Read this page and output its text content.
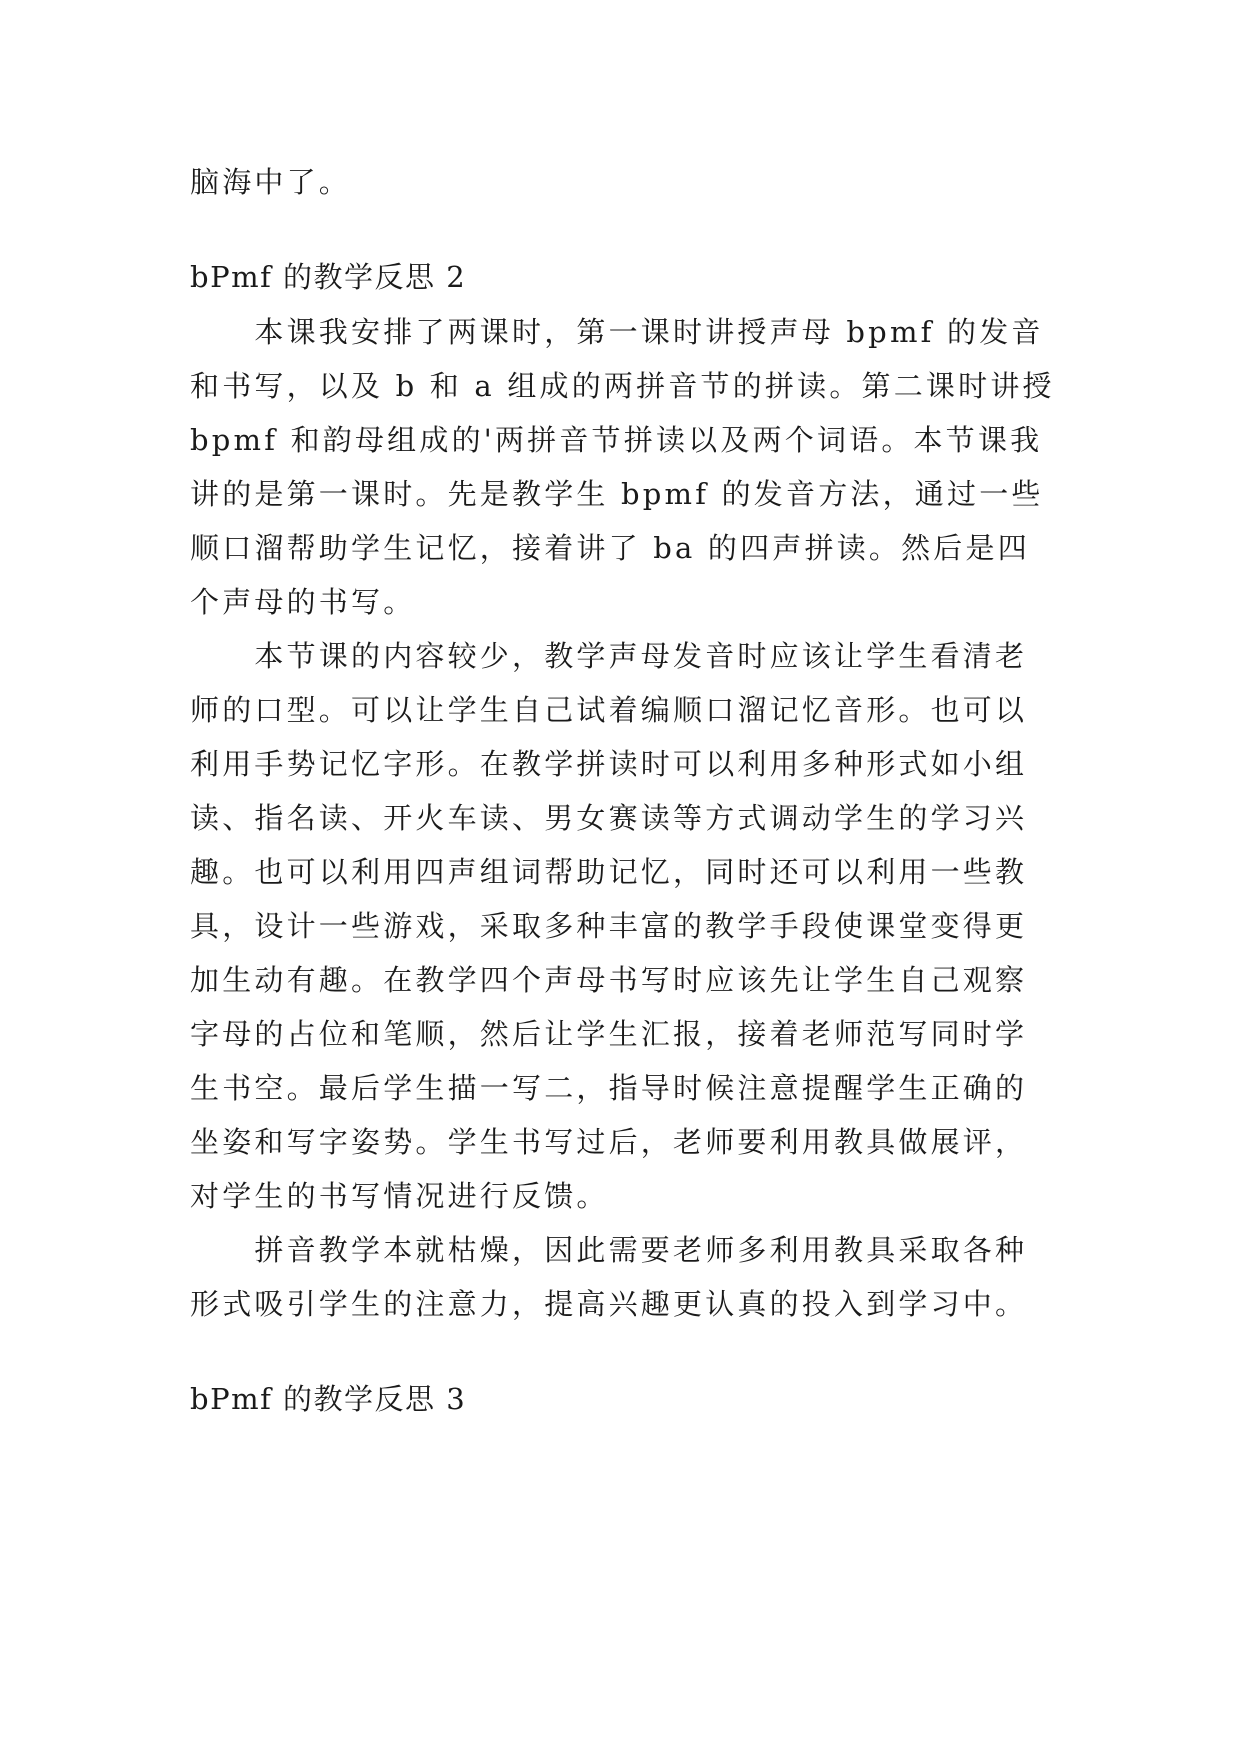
脑海中了。
bPmf 的教学反思 2
　　本课我安排了两课时，第一课时讲授声母 bpmf 的发音
和书写，以及 b 和 a 组成的两拼音节的拼读。第二课时讲授
bpmf 和韵母组成的'两拼音节拼读以及两个词语。本节课我
讲的是第一课时。先是教学生 bpmf 的发音方法，通过一些
顺口溜帮助学生记忆，接着讲了 ba 的四声拼读。然后是四
个声母的书写。
　　本节课的内容较少，教学声母发音时应该让学生看清老
师的口型。可以让学生自己试着编顺口溜记忆音形。也可以
利用手势记忆字形。在教学拼读时可以利用多种形式如小组
读、指名读、开火车读、男女赛读等方式调动学生的学习兴
趣。也可以利用四声组词帮助记忆，同时还可以利用一些教
具，设计一些游戏，采取多种丰富的教学手段使课堂变得更
加生动有趣。在教学四个声母书写时应该先让学生自己观察
字母的占位和笔顺，然后让学生汇报，接着老师范写同时学
生书空。最后学生描一写二，指导时候注意提醒学生正确的
坐姿和写字姿势。学生书写过后，老师要利用教具做展评，
对学生的书写情况进行反馈。
　　拼音教学本就枯燥，因此需要老师多利用教具采取各种
形式吸引学生的注意力，提高兴趣更认真的投入到学习中。
bPmf 的教学反思 3
